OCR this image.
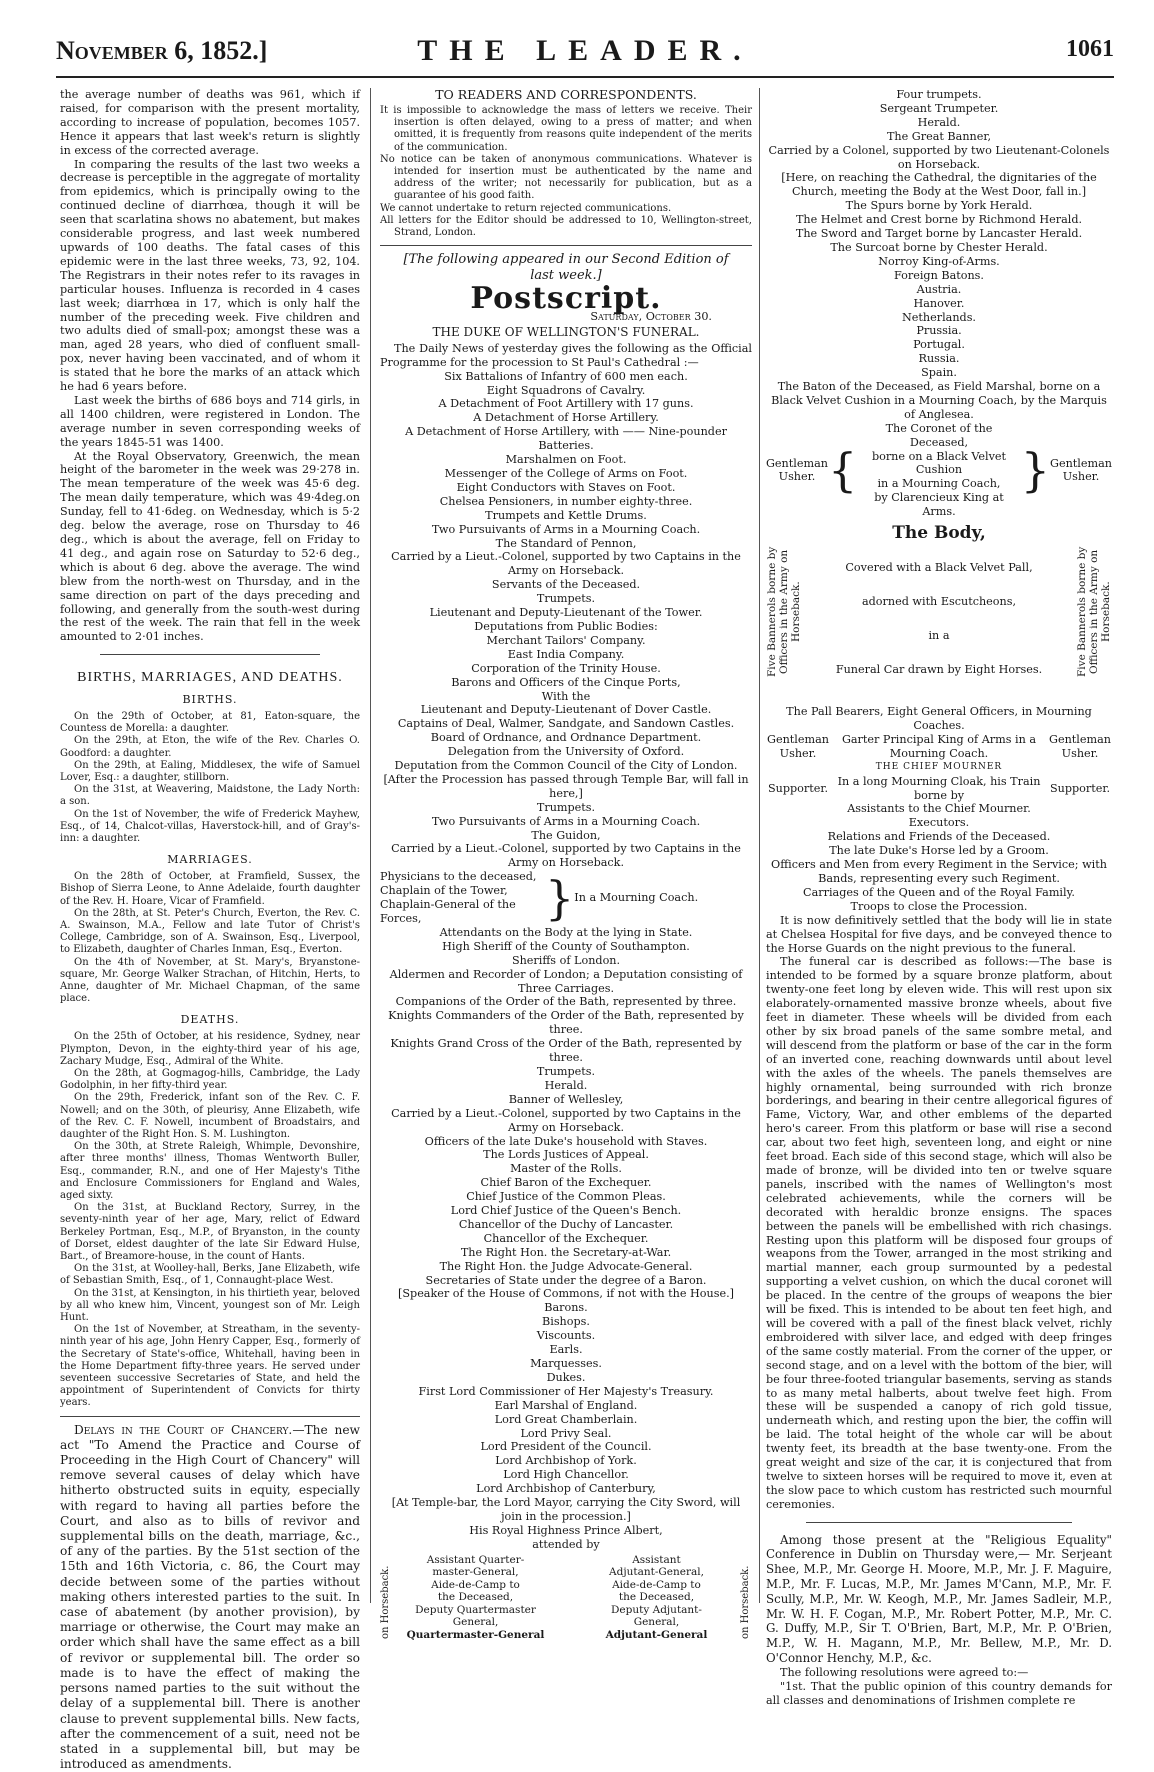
November 6, 1852.]	THE LEADER.	1061

the average number of deaths was 961, which if raised, for comparison with the present mortality, according to increase of population, becomes 1057. Hence it appears that last week's return is slightly in excess of the corrected average.

In comparing the results of the last two weeks a decrease is perceptible in the aggregate of mortality from epidemics, which is principally owing to the continued decline of diarrhœa, though it will be seen that scarlatina shows no abatement, but makes considerable progress, and last week numbered upwards of 100 deaths. The fatal cases of this epidemic were in the last three weeks, 73, 92, 104. The Registrars in their notes refer to its ravages in particular houses. Influenza is recorded in 4 cases last week; diarrhœa in 17, which is only half the number of the preceding week. Five children and two adults died of small-pox; amongst these was a man, aged 28 years, who died of confluent small-pox, never having been vaccinated, and of whom it is stated that he bore the marks of an attack which he had 6 years before.

Last week the births of 686 boys and 714 girls, in all 1400 children, were registered in London. The average number in seven corresponding weeks of the years 1845-51 was 1400.

At the Royal Observatory, Greenwich, the mean height of the barometer in the week was 29·278 in. The mean temperature of the week was 45·6 deg. The mean daily temperature, which was 49·4deg.on Sunday, fell to 41·6deg. on Wednesday, which is 5·2 deg. below the average, rose on Thursday to 46 deg., which is about the average, fell on Friday to 41 deg., and again rose on Saturday to 52·6 deg., which is about 6 deg. above the average. The wind blew from the north-west on Thursday, and in the same direction on part of the days preceding and following, and generally from the south-west during the rest of the week. The rain that fell in the week amounted to 2·01 inches.

BIRTHS, MARRIAGES, AND DEATHS.
BIRTHS.

On the 29th of October, at 81, Eaton-square, the Countess de Morella: a daughter.

On the 29th, at Eton, the wife of the Rev. Charles O. Goodford: a daughter.

On the 29th, at Ealing, Middlesex, the wife of Samuel Lover, Esq.: a daughter, stillborn.

On the 31st, at Weavering, Maidstone, the Lady North: a son.

On the 1st of November, the wife of Frederick Mayhew, Esq., of 14, Chalcot-villas, Haverstock-hill, and of Gray's-inn: a daughter.

MARRIAGES.

On the 28th of October, at Framfield, Sussex, the Bishop of Sierra Leone, to Anne Adelaide, fourth daughter of the Rev. H. Hoare, Vicar of Framfield.

On the 28th, at St. Peter's Church, Everton, the Rev. C. A. Swainson, M.A., Fellow and late Tutor of Christ's College, Cambridge, son of A. Swainson, Esq., Liverpool, to Elizabeth, daughter of Charles Inman, Esq., Everton.

On the 4th of November, at St. Mary's, Bryanstone-square, Mr. George Walker Strachan, of Hitchin, Herts, to Anne, daughter of Mr. Michael Chapman, of the same place.

DEATHS.

On the 25th of October, at his residence, Sydney, near Plympton, Devon, in the eighty-third year of his age, Zachary Mudge, Esq., Admiral of the White.

On the 28th, at Gogmagog-hills, Cambridge, the Lady Godolphin, in her fifty-third year.

On the 29th, Frederick, infant son of the Rev. C. F. Nowell; and on the 30th, of pleurisy, Anne Elizabeth, wife of the Rev. C. F. Nowell, incumbent of Broadstairs, and daughter of the Right Hon. S. M. Lushington.

On the 30th, at Strete Raleigh, Whimple, Devonshire, after three months' illness, Thomas Wentworth Buller, Esq., commander, R.N., and one of Her Majesty's Tithe and Enclosure Commissioners for England and Wales, aged sixty.

On the 31st, at Buckland Rectory, Surrey, in the seventy-ninth year of her age, Mary, relict of Edward Berkeley Portman, Esq., M.P., of Bryanston, in the county of Dorset, eldest daughter of the late Sir Edward Hulse, Bart., of Breamore-house, in the count of Hants.

On the 31st, at Woolley-hall, Berks, Jane Elizabeth, wife of Sebastian Smith, Esq., of 1, Connaught-place West.

On the 31st, at Kensington, in his thirtieth year, beloved by all who knew him, Vincent, youngest son of Mr. Leigh Hunt.

On the 1st of November, at Streatham, in the seventy-ninth year of his age, John Henry Capper, Esq., formerly of the Secretary of State's-office, Whitehall, having been in the Home Department fifty-three years. He served under seventeen successive Secretaries of State, and held the appointment of Superintendent of Convicts for thirty years.

Delays in the Court of Chancery.—The new act "To Amend the Practice and Course of Proceeding in the High Court of Chancery" will remove several causes of delay which have hitherto obstructed suits in equity, especially with regard to having all parties before the Court, and also as to bills of revivor and supplemental bills on the death, marriage, &c., of any of the parties. By the 51st section of the 15th and 16th Victoria, c. 86, the Court may decide between some of the parties without making others interested parties to the suit. In case of abatement (by another provision), by marriage or otherwise, the Court may make an order which shall have the same effect as a bill of revivor or supplemental bill. The order so made is to have the effect of making the persons named parties to the suit without the delay of a supplemental bill. There is another clause to prevent supplemental bills. New facts, after the commencement of a suit, need not be stated in a supplemental bill, but may be introduced as amendments.

TO READERS AND CORRESPONDENTS.

It is impossible to acknowledge the mass of letters we receive. Their insertion is often delayed, owing to a press of matter; and when omitted, it is frequently from reasons quite independent of the merits of the communication.

No notice can be taken of anonymous communications. Whatever is intended for insertion must be authenticated by the name and address of the writer; not necessarily for publication, but as a guarantee of his good faith.

We cannot undertake to return rejected communications.

All letters for the Editor should be addressed to 10, Wellington-street, Strand, London.

[The following appeared in our Second Edition of last week.]

Postscript.

Saturday, October 30.

THE DUKE OF WELLINGTON'S FUNERAL.

The Daily News of yesterday gives the following as the Official Programme for the procession to St Paul's Cathedral :—

Six Battalions of Infantry of 600 men each.

Eight Squadrons of Cavalry.

A Detachment of Foot Artillery with 17 guns.

A Detachment of Horse Artillery.

A Detachment of Horse Artillery, with —— Nine-pounder Batteries.

Marshalmen on Foot.

Messenger of the College of Arms on Foot.

Eight Conductors with Staves on Foot.

Chelsea Pensioners, in number eighty-three.

Trumpets and Kettle Drums.

Two Pursuivants of Arms in a Mourning Coach.

The Standard of Pennon,

Carried by a Lieut.-Colonel, supported by two Captains in the Army on Horseback.

Servants of the Deceased.

Trumpets.

Lieutenant and Deputy-Lieutenant of the Tower.

Deputations from Public Bodies:

Merchant Tailors' Company.

East India Company.

Corporation of the Trinity House.

Barons and Officers of the Cinque Ports,

With the

Lieutenant and Deputy-Lieutenant of Dover Castle.

Captains of Deal, Walmer, Sandgate, and Sandown Castles.

Board of Ordnance, and Ordnance Department.

Delegation from the University of Oxford.

Deputation from the Common Council of the City of London.

[After the Procession has passed through Temple Bar, will fall in here,]

Trumpets.

Two Pursuivants of Arms in a Mourning Coach.

The Guidon,

Carried by a Lieut.-Colonel, supported by two Captains in the Army on Horseback.

Physicians to the deceased,

Chaplain of the Tower,

Chaplain-General of the Forces,	} In a Mourning Coach.

Attendants on the Body at the lying in State.

High Sheriff of the County of Southampton.

Sheriffs of London.

Aldermen and Recorder of London; a Deputation consisting of Three Carriages.

Companions of the Order of the Bath, represented by three.

Knights Commanders of the Order of the Bath, represented by three.

Knights Grand Cross of the Order of the Bath, represented by three.

Trumpets.

Herald.

Banner of Wellesley,

Carried by a Lieut.-Colonel, supported by two Captains in the Army on Horseback.

Officers of the late Duke's household with Staves.

The Lords Justices of Appeal.

Master of the Rolls.

Chief Baron of the Exchequer.

Chief Justice of the Common Pleas.

Lord Chief Justice of the Queen's Bench.

Chancellor of the Duchy of Lancaster.

Chancellor of the Exchequer.

The Right Hon. the Secretary-at-War.

The Right Hon. the Judge Advocate-General.

Secretaries of State under the degree of a Baron.

[Speaker of the House of Commons, if not with the House.]

Barons.

Bishops.

Viscounts.

Earls.

Marquesses.

Dukes.

First Lord Commissioner of Her Majesty's Treasury.

Earl Marshal of England.

Lord Great Chamberlain.

Lord Privy Seal.

Lord President of the Council.

Lord Archbishop of York.

Lord High Chancellor.

Lord Archbishop of Canterbury,

[At Temple-bar, the Lord Mayor, carrying the City Sword, will join in the procession.]

His Royal Highness Prince Albert,

attended by

on Horseback.

Assistant Quarter-

master-General,

Aide-de-Camp to

the Deceased,

Deputy Quartermaster

General,

Quartermaster-General

Assistant

Adjutant-General,

Aide-de-Camp to

the Deceased,

Deputy Adjutant-

General,

Adjutant-General	on Horseback.

Four trumpets.

Sergeant Trumpeter.

Herald.

The Great Banner,

Carried by a Colonel, supported by two Lieutenant-Colonels on Horseback.

[Here, on reaching the Cathedral, the dignitaries of the Church, meeting the Body at the West Door, fall in.]

The Spurs borne by York Herald.

The Helmet and Crest borne by Richmond Herald.

The Sword and Target borne by Lancaster Herald.

The Surcoat borne by Chester Herald.

Norroy King-of-Arms.

Foreign Batons.

Austria.

Hanover.

Netherlands.

Prussia.

Portugal.

Russia.

Spain.

The Baton of the Deceased, as Field Marshal, borne on a Black Velvet Cushion in a Mourning Coach, by the Marquis of Anglesea.

Gentleman Usher. {

The Coronet of the Deceased,

borne on a Black Velvet Cushion

in a Mourning Coach,

by Clarencieux King at Arms.

} Gentleman Usher.
Five Bannerols borne by Officers in the Army on Horseback.

The Body,

Covered with a Black Velvet Pall,

adorned with Escutcheons,

in a

Funeral Car drawn by Eight Horses.	Five Bannerols borne by Officers in the Army on Horseback.

The Pall Bearers, Eight General Officers, in Mourning Coaches.

Gentleman Usher.
Garter Principal King of Arms in a Mourning Coach.
Gentleman Usher.

THE CHIEF MOURNER

Supporter.
In a long Mourning Cloak, his Train borne by
Supporter.

Assistants to the Chief Mourner.

Executors.

Relations and Friends of the Deceased.

The late Duke's Horse led by a Groom.

Officers and Men from every Regiment in the Service; with Bands, representing every such Regiment.

Carriages of the Queen and of the Royal Family.

Troops to close the Procession.

It is now definitively settled that the body will lie in state at Chelsea Hospital for five days, and be conveyed thence to the Horse Guards on the night previous to the funeral.

The funeral car is described as follows:—The base is intended to be formed by a square bronze platform, about twenty-one feet long by eleven wide. This will rest upon six elaborately-ornamented massive bronze wheels, about five feet in diameter. These wheels will be divided from each other by six broad panels of the same sombre metal, and will descend from the platform or base of the car in the form of an inverted cone, reaching downwards until about level with the axles of the wheels. The panels themselves are highly ornamental, being surrounded with rich bronze borderings, and bearing in their centre allegorical figures of Fame, Victory, War, and other emblems of the departed hero's career. From this platform or base will rise a second car, about two feet high, seventeen long, and eight or nine feet broad. Each side of this second stage, which will also be made of bronze, will be divided into ten or twelve square panels, inscribed with the names of Wellington's most celebrated achievements, while the corners will be decorated with heraldic bronze ensigns. The spaces between the panels will be embellished with rich chasings. Resting upon this platform will be disposed four groups of weapons from the Tower, arranged in the most striking and martial manner, each group surmounted by a pedestal supporting a velvet cushion, on which the ducal coronet will be placed. In the centre of the groups of weapons the bier will be fixed. This is intended to be about ten feet high, and will be covered with a pall of the finest black velvet, richly embroidered with silver lace, and edged with deep fringes of the same costly material. From the corner of the upper, or second stage, and on a level with the bottom of the bier, will be four three-footed triangular basements, serving as stands to as many metal halberts, about twelve feet high. From these will be suspended a canopy of rich gold tissue, underneath which, and resting upon the bier, the coffin will be laid. The total height of the whole car will be about twenty feet, its breadth at the base twenty-one. From the great weight and size of the car, it is conjectured that from twelve to sixteen horses will be required to move it, even at the slow pace to which custom has restricted such mournful ceremonies.

Among those present at the "Religious Equality" Conference in Dublin on Thursday were,— Mr. Serjeant Shee, M.P., Mr. George H. Moore, M.P., Mr. J. F. Maguire, M.P., Mr. F. Lucas, M.P., Mr. James M'Cann, M.P., Mr. F. Scully, M.P., Mr. W. Keogh, M.P., Mr. James Sadleir, M.P., Mr. W. H. F. Cogan, M.P., Mr. Robert Potter, M.P., Mr. C. G. Duffy, M.P., Sir T. O'Brien, Bart, M.P., Mr. P. O'Brien, M.P., W. H. Magann, M.P., Mr. Bellew, M.P., Mr. D. O'Connor Henchy, M.P., &c.

The following resolutions were agreed to:—

"1st. That the public opinion of this country demands for all classes and denominations of Irishmen complete re
